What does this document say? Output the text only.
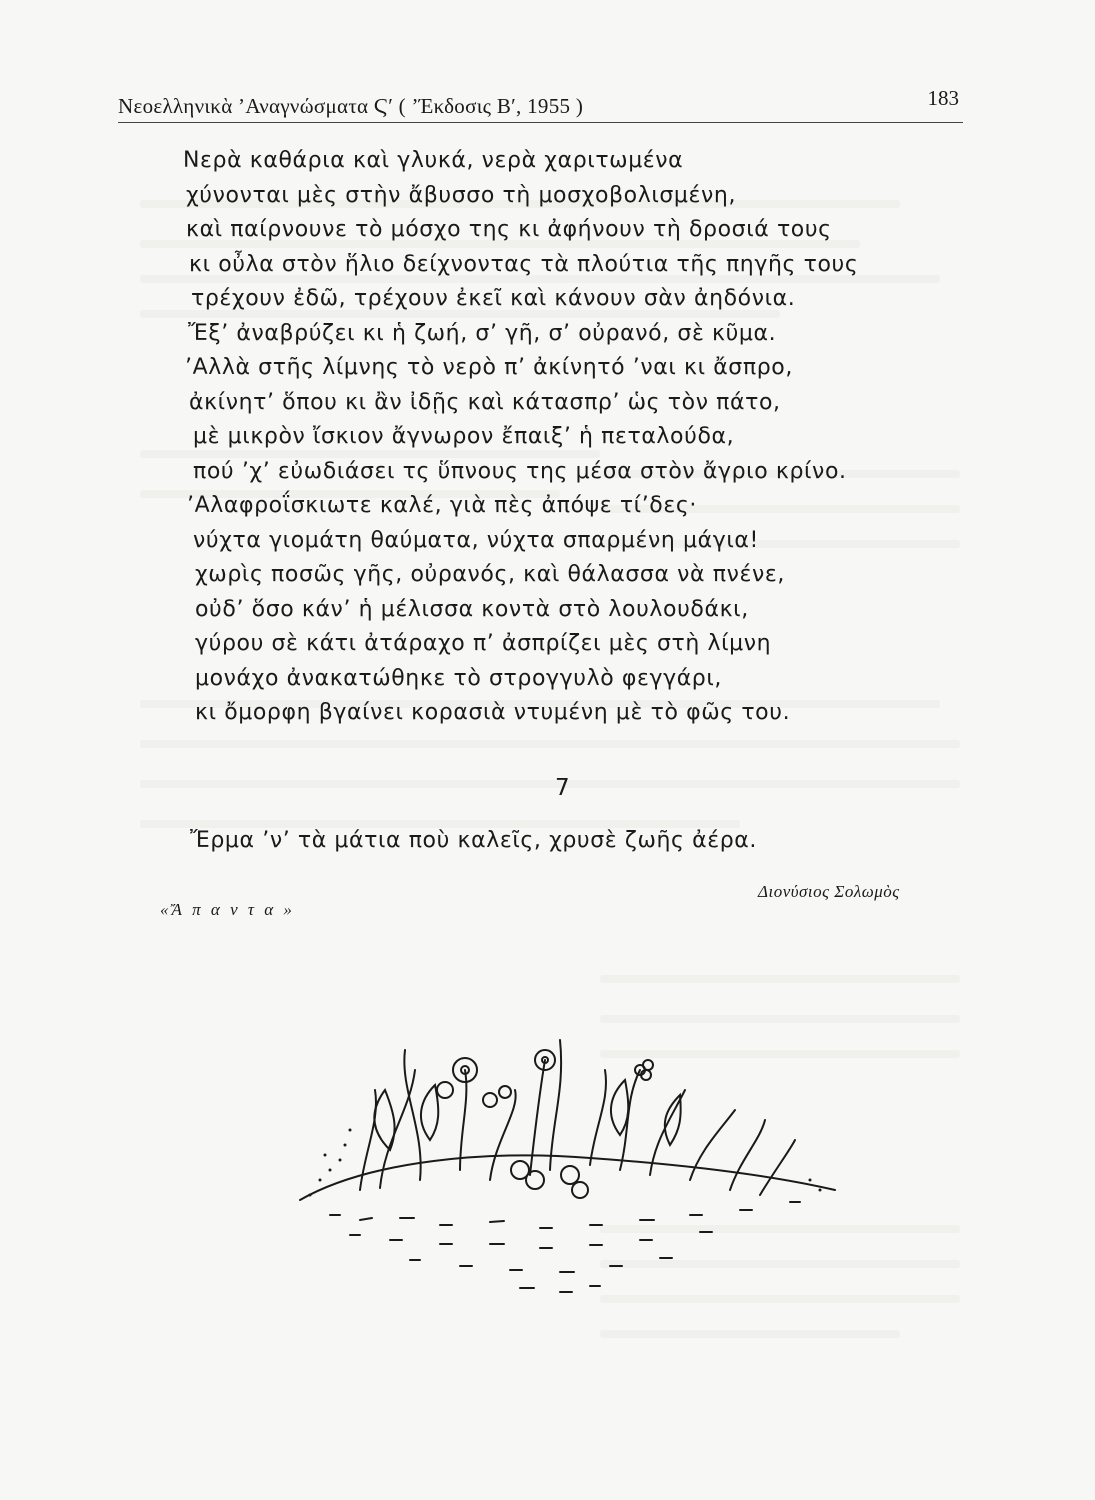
Νεοελληνικὰ ’Αναγνώσματα Ϛ′ ( ’Έκδοσις Β′, 1955 )	183
Νερὰ καθάρια καὶ γλυκά, νερὰ χαριτωμένα
χύνονται μὲς στὴν ἄβυσσο τὴ μοσχοβολισμένη,
καὶ παίρνουνε τὸ μόσχο της κι ἀφήνουν τὴ δροσιά τους
κι οὖλα στὸν ἥλιο δείχνοντας τὰ πλούτια τῆς πηγῆς τους
τρέχουν ἐδῶ, τρέχουν ἐκεῖ καὶ κάνουν σὰν ἀηδόνια.
Ἔξ’ ἀναβρύζει κι ἡ ζωή, σ’ γῆ, σ’ οὐρανό, σὲ κῦμα.
’Αλλὰ στῆς λίμνης τὸ νερὸ π’ ἀκίνητό ’ναι κι ἄσπρο,
ἀκίνητ’ ὅπου κι ἂν ἰδῇς καὶ κάτασπρ’ ὡς τὸν πάτο,
μὲ μικρὸν ἴσκιον ἄγνωρον ἔπαιξ’ ἡ πεταλούδα,
πού ’χ’ εὐωδιάσει τς ὕπνους της μέσα στὸν ἄγριο κρίνο.
’Αλαφροΐσκιωτε καλέ, γιὰ πὲς ἀπόψε τί’δες·
νύχτα γιομάτη θαύματα, νύχτα σπαρμένη μάγια!
χωρὶς ποσῶς γῆς, οὐρανός, καὶ θάλασσα νὰ πνένε,
οὐδ’ ὅσο κάν’ ἡ μέλισσα κοντὰ στὸ λουλουδάκι,
γύρου σὲ κάτι ἀτάραχο π’ ἀσπρίζει μὲς στὴ λίμνη
μονάχο ἀνακατώθηκε τὸ στρογγυλὸ φεγγάρι,
κι ὄμορφη βγαίνει κορασιὰ ντυμένη μὲ τὸ φῶς του.
7
Ἔρμα ’ν’ τὰ μάτια ποὺ καλεῖς, χρυσὲ ζωῆς ἀέρα.
Διονύσιος Σολωμὸς
«Ἄ π α ν τ α »
